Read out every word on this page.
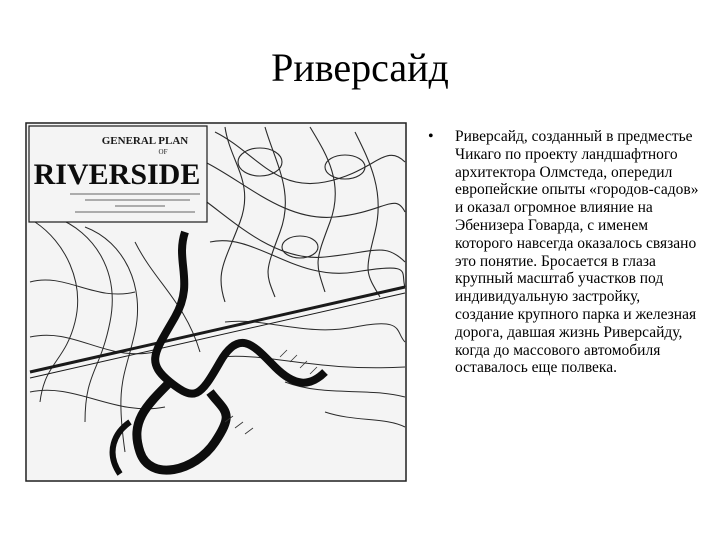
Риверсайд
GENERAL PLAN
OF
RIVERSIDE
• Риверсайд, созданный в предместье Чикаго по проекту ландшафтного архитектора Олмстеда, опередил европейские опыты «городов-садов» и оказал огромное влияние на Эбенизера Говарда, с именем которого навсегда оказалось связано это понятие. Бросается в глаза крупный масштаб участков под индивидуальную застройку, создание крупного парка и железная дорога, давшая жизнь Риверсайду, когда до массового автомобиля оставалось еще полвека.
